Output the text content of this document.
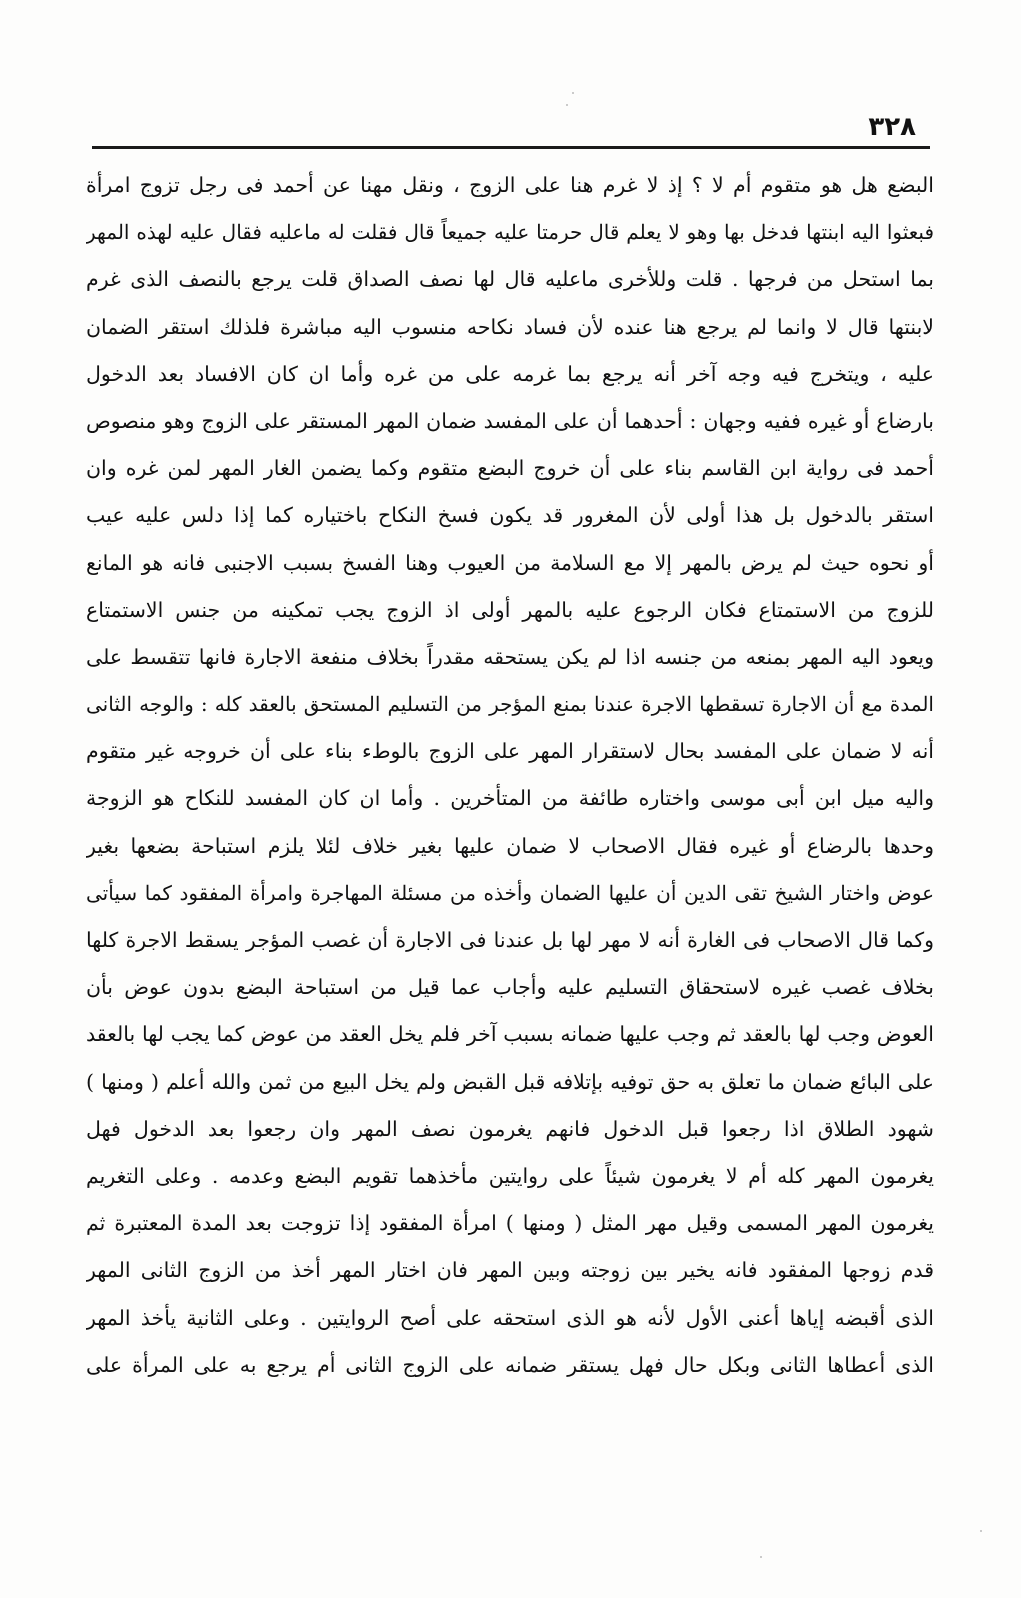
٣٢٨
البضع هل هو متقوم أم لا ؟ إذ لا غرم هنا على الزوج ، ونقل مهنا عن أحمد فى رجل تزوج امرأة
فبعثوا اليه ابنتها فدخل بها وهو لا يعلم قال حرمتا عليه جميعاً قال فقلت له ماعليه فقال عليه لهذه المهر
بما استحل من فرجها . قلت وللأخرى ماعليه قال لها نصف الصداق قلت يرجع بالنصف الذى غرم
لابنتها قال لا وانما لم يرجع هنا عنده لأن فساد نكاحه منسوب اليه مباشرة فلذلك استقر الضمان
عليه ، ويتخرج فيه وجه آخر أنه يرجع بما غرمه على من غره وأما ان كان الافساد بعد الدخول
بارضاع أو غيره ففيه وجهان : أحدهما أن على المفسد ضمان المهر المستقر على الزوج وهو منصوص
أحمد فى رواية ابن القاسم بناء على أن خروج البضع متقوم وكما يضمن الغار المهر لمن غره وان
استقر بالدخول بل هذا أولى لأن المغرور قد يكون فسخ النكاح باختياره كما إذا دلس عليه عيب
أو نحوه حيث لم يرض بالمهر إلا مع السلامة من العيوب وهنا الفسخ بسبب الاجنبى فانه هو المانع
للزوج من الاستمتاع فكان الرجوع عليه بالمهر أولى اذ الزوج يجب تمكينه من جنس الاستمتاع
ويعود اليه المهر بمنعه من جنسه اذا لم يكن يستحقه مقدراً بخلاف منفعة الاجارة فانها تتقسط على
المدة مع أن الاجارة تسقطها الاجرة عندنا بمنع المؤجر من التسليم المستحق بالعقد كله : والوجه الثانى
أنه لا ضمان على المفسد بحال لاستقرار المهر على الزوج بالوطء بناء على أن خروجه غير متقوم
واليه ميل ابن أبى موسى واختاره طائفة من المتأخرين . وأما ان كان المفسد للنكاح هو الزوجة
وحدها بالرضاع أو غيره فقال الاصحاب لا ضمان عليها بغير خلاف لئلا يلزم استباحة بضعها بغير
عوض واختار الشيخ تقى الدين أن عليها الضمان وأخذه من مسئلة المهاجرة وامرأة المفقود كما سيأتى
وكما قال الاصحاب فى الغارة أنه لا مهر لها بل عندنا فى الاجارة أن غصب المؤجر يسقط الاجرة كلها
بخلاف غصب غيره لاستحقاق التسليم عليه وأجاب عما قيل من استباحة البضع بدون عوض بأن
العوض وجب لها بالعقد ثم وجب عليها ضمانه بسبب آخر فلم يخل العقد من عوض كما يجب لها بالعقد
على البائع ضمان ما تعلق به حق توفيه بإتلافه قبل القبض ولم يخل البيع من ثمن والله أعلم ( ومنها )
شهود الطلاق اذا رجعوا قبل الدخول فانهم يغرمون نصف المهر وان رجعوا بعد الدخول فهل
يغرمون المهر كله أم لا يغرمون شيئاً على روايتين مأخذهما تقويم البضع وعدمه . وعلى التغريم
يغرمون المهر المسمى وقيل مهر المثل ( ومنها ) امرأة المفقود إذا تزوجت بعد المدة المعتبرة ثم
قدم زوجها المفقود فانه يخير بين زوجته وبين المهر فان اختار المهر أخذ من الزوج الثانى المهر
الذى أقبضه إياها أعنى الأول لأنه هو الذى استحقه على أصح الروايتين . وعلى الثانية يأخذ المهر
الذى أعطاها الثانى وبكل حال فهل يستقر ضمانه على الزوج الثانى أم يرجع به على المرأة على
